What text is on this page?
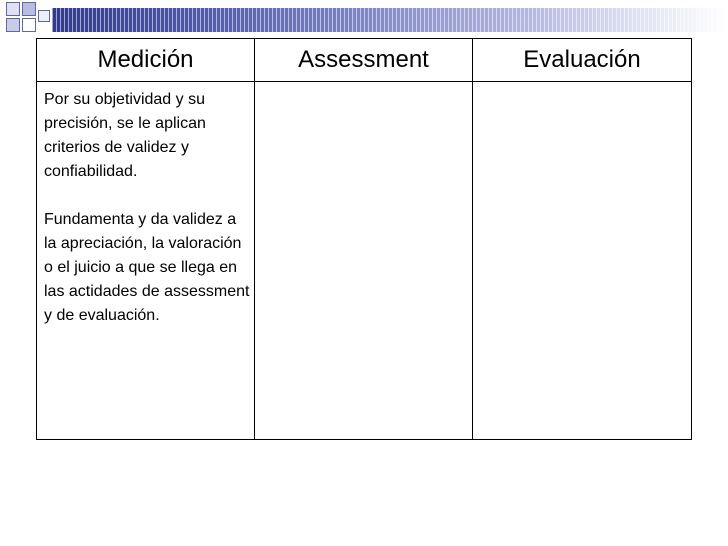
Medición	Assessment	Evaluación

Por su objetividad y su precisión, se le aplican criterios de validez y confiabilidad.

Fundamenta y da validez a la apreciación, la valoración o el juicio a que se llega en las actidades de assessment y de evaluación.
